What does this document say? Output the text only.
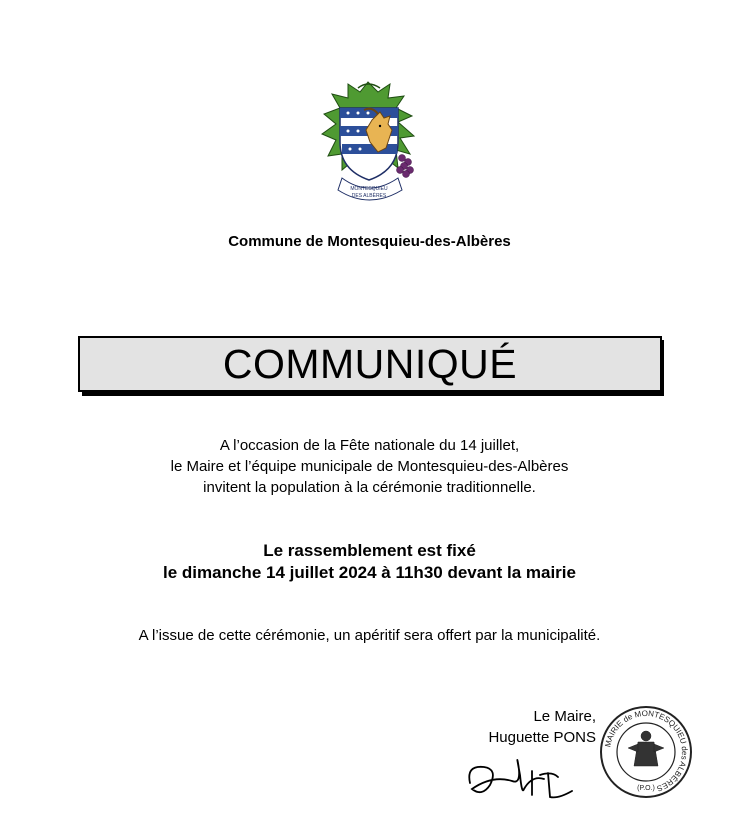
MONTESQUIEU
DES ALBÈRES
Commune de Montesquieu-des-Albères
COMMUNIQUÉ
A l’occasion de la Fête nationale du 14 juillet,
le Maire et l’équipe municipale de Montesquieu-des-Albères
invitent la population à la cérémonie traditionnelle.
Le rassemblement est fixé
le dimanche 14 juillet 2024 à 11h30 devant la mairie
A l’issue de cette cérémonie, un apéritif sera offert par la municipalité.
Le Maire,
Huguette PONS MAIRIE de MONTESQUIEU des ALBÈRES
(P.O.)
